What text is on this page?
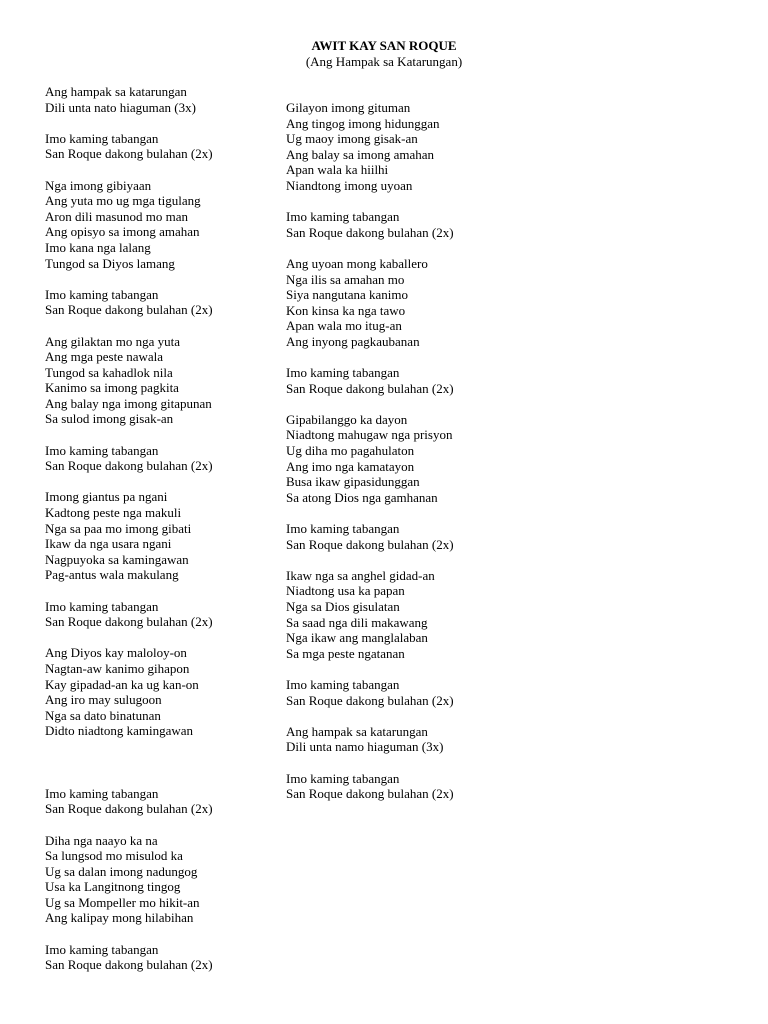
AWIT KAY SAN ROQUE

(Ang Hampak sa Katarungan)

Ang hampak sa katarungan
Dili unta nato hiaguman (3x)
Imo kaming tabangan
San Roque dakong bulahan (2x)
Nga imong gibiyaan
Ang yuta mo ug mga tigulang
Aron dili masunod mo man
Ang opisyo sa imong amahan
Imo kana nga lalang
Tungod sa Diyos lamang
Imo kaming tabangan
San Roque dakong bulahan (2x)
Ang gilaktan mo nga yuta
Ang mga peste nawala
Tungod sa kahadlok nila
Kanimo sa imong pagkita
Ang balay nga imong gitapunan
Sa sulod imong gisak-an
Imo kaming tabangan
San Roque dakong bulahan (2x)
Imong giantus pa ngani
Kadtong peste nga makuli
Nga sa paa mo imong gibati
Ikaw da nga usara ngani
Nagpuyoka sa kamingawan
Pag-antus wala makulang
Imo kaming tabangan
San Roque dakong bulahan (2x)
Ang Diyos kay maloloy-on
Nagtan-aw kanimo gihapon
Kay gipadad-an ka ug kan-on
Ang iro may sulugoon
Nga sa dato binatunan
Didto niadtong kamingawan
Imo kaming tabangan
San Roque dakong bulahan (2x)
Diha nga naayo ka na
Sa lungsod mo misulod ka
Ug sa dalan imong nadungog
Usa ka Langitnong tingog
Ug sa Mompeller mo hikit-an
Ang kalipay mong hilabihan
Imo kaming tabangan
San Roque dakong bulahan (2x)
Gilayon imong gituman
Ang tingog imong hidunggan
Ug maoy imong gisak-an
Ang balay sa imong amahan
Apan wala ka hiilhi
Niandtong imong uyoan
Imo kaming tabangan
San Roque dakong bulahan (2x)
Ang uyoan mong kaballero
Nga ilis sa amahan mo
Siya nangutana kanimo
Kon kinsa ka nga tawo
Apan wala mo itug-an
Ang inyong pagkaubanan
Imo kaming tabangan
San Roque dakong bulahan (2x)
Gipabilanggo ka dayon
Niadtong mahugaw nga prisyon
Ug diha mo pagahulaton
Ang imo nga kamatayon
Busa ikaw gipasidunggan
Sa atong Dios nga gamhanan
Imo kaming tabangan
San Roque dakong bulahan (2x)
Ikaw nga sa anghel gidad-an
Niadtong usa ka papan
Nga sa Dios gisulatan
Sa saad nga dili makawang
Nga ikaw ang manglalaban
Sa mga peste ngatanan
Imo kaming tabangan
San Roque dakong bulahan (2x)
Ang hampak sa katarungan
Dili unta namo hiaguman (3x)
Imo kaming tabangan
San Roque dakong bulahan (2x)
